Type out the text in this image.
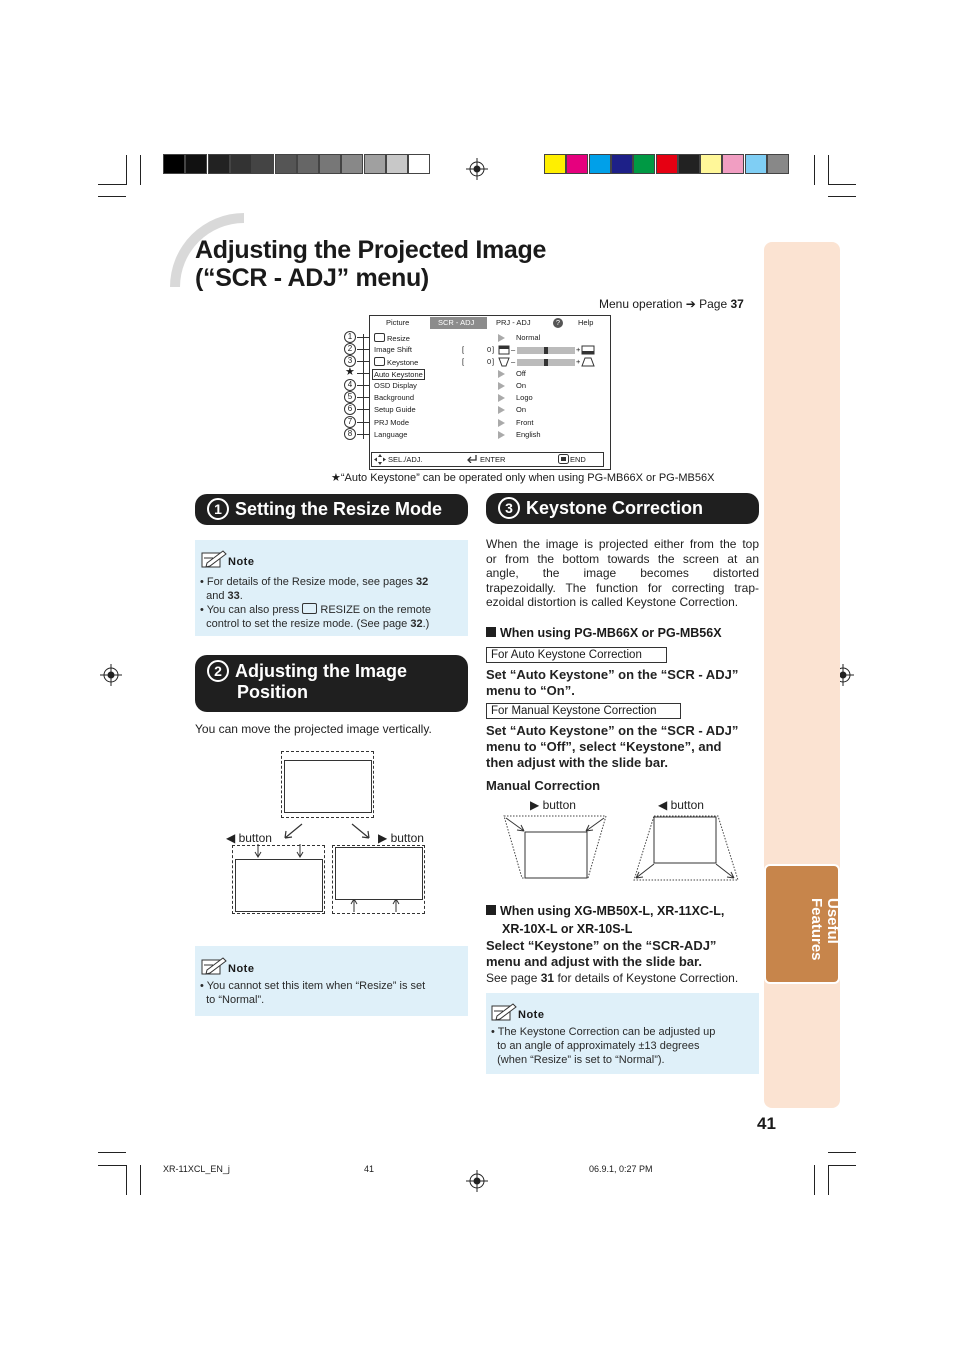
Adjusting the Projected Image
(“SCR - ADJ” menu)
Menu operation ➔ Page 37
Useful Features
1
2
3
★
4
5
6
7
8
Picture	SCR - ADJ	PRJ - ADJ	?	Help
Resize	Normal
Image Shift
Keystone
Auto Keystone	Off
OSD Display	On
Background	Logo
Setup Guide	On
PRJ Mode	Front
Language	English
[
[
0
0
]
]
–
–
+
+
SEL./ADJ.	ENTER	END
★“Auto Keystone” can be operated only when using PG-MB66X or PG-MB56X
1 Setting the Resize Mode
Note
• For details of the Resize mode, see pages 32
and 33.
• You can also press RESIZE on the remote
control to set the resize mode. (See page 32.)
2 Adjusting the Image
Position
You can move the projected image vertically.
◀ button	▶ button
Note
• You cannot set this item when “Resize” is set
to “Normal”.
3 Keystone Correction
When the image is projected either from the top
or from the bottom towards the screen at an
angle, the image becomes distorted
trapezoidally. The function for correcting trap-
ezoidal distortion is called Keystone Correction.
When using PG-MB66X or PG-MB56X
For Auto Keystone Correction
Set “Auto Keystone” on the “SCR - ADJ”
menu to “On”.
For Manual Keystone Correction
Set “Auto Keystone” on the “SCR - ADJ”
menu to “Off”, select “Keystone”, and
then adjust with the slide bar.
Manual Correction
▶ button	◀ button
When using XG-MB50X-L, XR-11XC-L,
XR-10X-L or XR-10S-L
Select “Keystone” on the “SCR-ADJ”
menu and adjust with the slide bar.
See page 31 for details of Keystone Correction.
Note
• The Keystone Correction can be adjusted up
to an angle of approximately ±13 degrees
(when “Resize” is set to “Normal”).
41
XR-11XCL_EN_j	41	06.9.1, 0:27 PM
